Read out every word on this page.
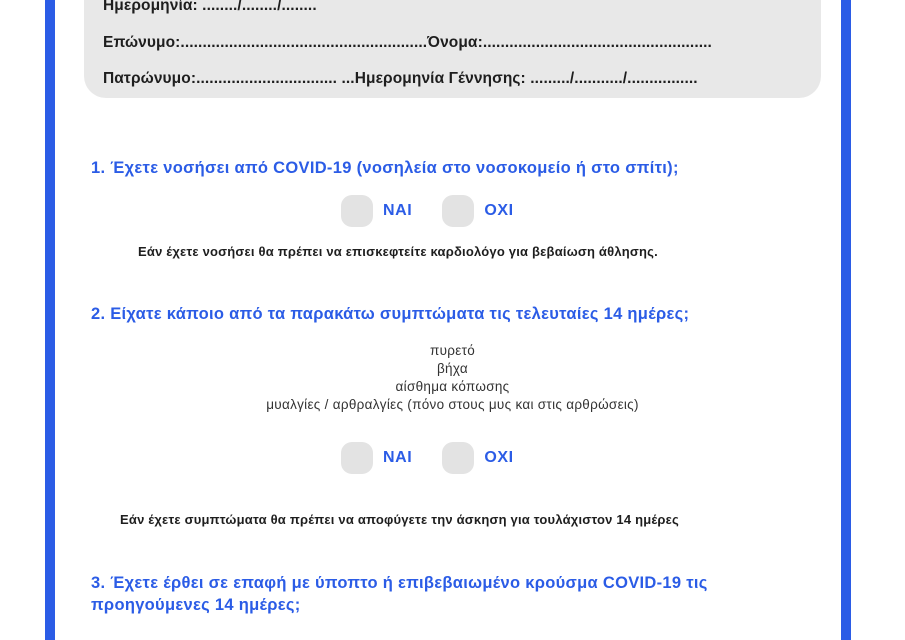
Ημερομηνία: ......../......../........
Επώνυμο:........................................................Όνομα:....................................................
Πατρώνυμο:................................ ...Ημερομηνία Γέννησης: ........./.........../................
1. Έχετε νοσήσει από COVID-19 (νοσηλεία στο νοσοκομείο ή στο σπίτι);
ΝΑΙ	ΟΧΙ
Εάν έχετε νοσήσει θα πρέπει να επισκεφτείτε καρδιολόγο για βεβαίωση άθλησης.
2. Είχατε κάποιο από τα παρακάτω συμπτώματα τις τελευταίες 14 ημέρες;
πυρετό
βήχα
αίσθημα κόπωσης
μυαλγίες / αρθραλγίες (πόνο στους μυς και στις αρθρώσεις)
ΝΑΙ	ΟΧΙ
Εάν έχετε συμπτώματα θα πρέπει να αποφύγετε την άσκηση για τουλάχιστον 14 ημέρες
3. Έχετε έρθει σε επαφή με ύποπτο ή επιβεβαιωμένο κρούσμα COVID-19 τις προηγούμενες 14 ημέρες;
